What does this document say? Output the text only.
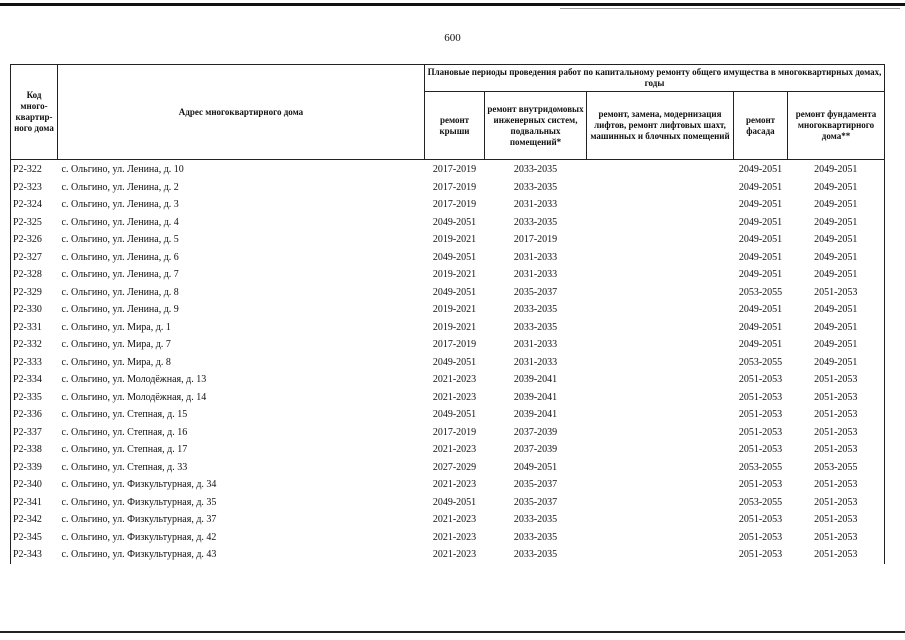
600
Код много-квартир-ного дома	Адрес многоквартирного дома	Плановые периоды проведения работ по капитальному ремонту общего имущества в многоквартирных домах, годы				
		ремонт крыши	ремонт внутридомовых инженерных систем, подвальных помещений*	ремонт, замена, модернизация лифтов, ремонт лифтовых шахт, машинных и блочных помещений	ремонт фасада	ремонт фундамента многоквартирного дома**
Р2-322	с. Ольгино, ул. Ленина, д. 10	2017-2019	2033-2035		2049-2051	2049-2051
Р2-323	с. Ольгино, ул. Ленина, д. 2	2017-2019	2033-2035		2049-2051	2049-2051
Р2-324	с. Ольгино, ул. Ленина, д. 3	2017-2019	2031-2033		2049-2051	2049-2051
Р2-325	с. Ольгино, ул. Ленина, д. 4	2049-2051	2033-2035		2049-2051	2049-2051
Р2-326	с. Ольгино, ул. Ленина, д. 5	2019-2021	2017-2019		2049-2051	2049-2051
Р2-327	с. Ольгино, ул. Ленина, д. 6	2049-2051	2031-2033		2049-2051	2049-2051
Р2-328	с. Ольгино, ул. Ленина, д. 7	2019-2021	2031-2033		2049-2051	2049-2051
Р2-329	с. Ольгино, ул. Ленина, д. 8	2049-2051	2035-2037		2053-2055	2051-2053
Р2-330	с. Ольгино, ул. Ленина, д. 9	2019-2021	2033-2035		2049-2051	2049-2051
Р2-331	с. Ольгино, ул. Мира, д. 1	2019-2021	2033-2035		2049-2051	2049-2051
Р2-332	с. Ольгино, ул. Мира, д. 7	2017-2019	2031-2033		2049-2051	2049-2051
Р2-333	с. Ольгино, ул. Мира, д. 8	2049-2051	2031-2033		2053-2055	2049-2051
Р2-334	с. Ольгино, ул. Молодёжная, д. 13	2021-2023	2039-2041		2051-2053	2051-2053
Р2-335	с. Ольгино, ул. Молодёжная, д. 14	2021-2023	2039-2041		2051-2053	2051-2053
Р2-336	с. Ольгино, ул. Степная, д. 15	2049-2051	2039-2041		2051-2053	2051-2053
Р2-337	с. Ольгино, ул. Степная, д. 16	2017-2019	2037-2039		2051-2053	2051-2053
Р2-338	с. Ольгино, ул. Степная, д. 17	2021-2023	2037-2039		2051-2053	2051-2053
Р2-339	с. Ольгино, ул. Степная, д. 33	2027-2029	2049-2051		2053-2055	2053-2055
Р2-340	с. Ольгино, ул. Физкультурная, д. 34	2021-2023	2035-2037		2051-2053	2051-2053
Р2-341	с. Ольгино, ул. Физкультурная, д. 35	2049-2051	2035-2037		2053-2055	2051-2053
Р2-342	с. Ольгино, ул. Физкультурная, д. 37	2021-2023	2033-2035		2051-2053	2051-2053
Р2-345	с. Ольгино, ул. Физкультурная, д. 42	2021-2023	2033-2035		2051-2053	2051-2053
Р2-343	с. Ольгино, ул. Физкультурная, д. 43	2021-2023	2033-2035		2051-2053	2051-2053
